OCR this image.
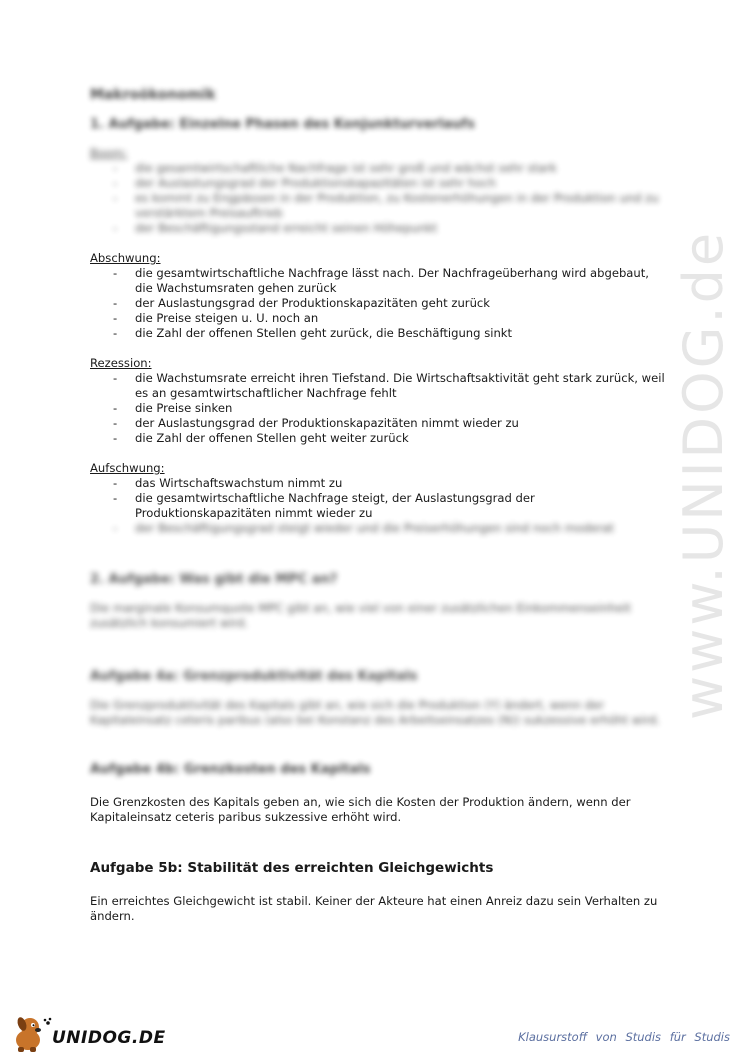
www.UNIDOG.de
Makroökonomik
1. Aufgabe: Einzelne Phasen des Konjunkturverlaufs

Boom:

- die gesamtwirtschaftliche Nachfrage ist sehr groß und wächst sehr stark
- der Auslastungsgrad der Produktionskapazitäten ist sehr hoch
- es kommt zu Engpässen in der Produktion, zu Kostenerhöhungen in der Produktion und zu verstärktem Preisauftrieb
- der Beschäftigungsstand erreicht seinen Höhepunkt

Abschwung:

- die gesamtwirtschaftliche Nachfrage lässt nach. Der Nachfrageüberhang wird abgebaut, die Wachstumsraten gehen zurück
- der Auslastungsgrad der Produktionskapazitäten geht zurück
- die Preise steigen u. U. noch an
- die Zahl der offenen Stellen geht zurück, die Beschäftigung sinkt

Rezession:

- die Wachstumsrate erreicht ihren Tiefstand. Die Wirtschaftsaktivität geht stark zurück, weil es an gesamtwirtschaftlicher Nachfrage fehlt
- die Preise sinken
- der Auslastungsgrad der Produktionskapazitäten nimmt wieder zu
- die Zahl der offenen Stellen geht weiter zurück

Aufschwung:

- das Wirtschaftswachstum nimmt zu
- die gesamtwirtschaftliche Nachfrage steigt, der Auslastungsgrad der Produktionskapazitäten nimmt wieder zu
- der Beschäftigungsgrad steigt wieder und die Preiserhöhungen sind noch moderat
2. Aufgabe: Was gibt die MPC an?

Die marginale Konsumquote MPC gibt an, wie viel von einer zusätzlichen Einkommenseinheit zusätzlich konsumiert wird.

Aufgabe 4a: Grenzproduktivität des Kapitals

Die Grenzproduktivität des Kapitals gibt an, wie sich die Produktion (Y) ändert, wenn der Kapitaleinsatz ceteris paribus (also bei Konstanz des Arbeitseinsatzes (N)) sukzessive erhöht wird.

Aufgabe 4b: Grenzkosten des Kapitals

Die Grenzkosten des Kapitals geben an, wie sich die Kosten der Produktion ändern, wenn der Kapitaleinsatz ceteris paribus sukzessive erhöht wird.

Aufgabe 5b: Stabilität des erreichten Gleichgewichts

Ein erreichtes Gleichgewicht ist stabil. Keiner der Akteure hat einen Anreiz dazu sein Verhalten zu ändern.

UNIDOG.DE	Klausurstoff von Studis für Studis
